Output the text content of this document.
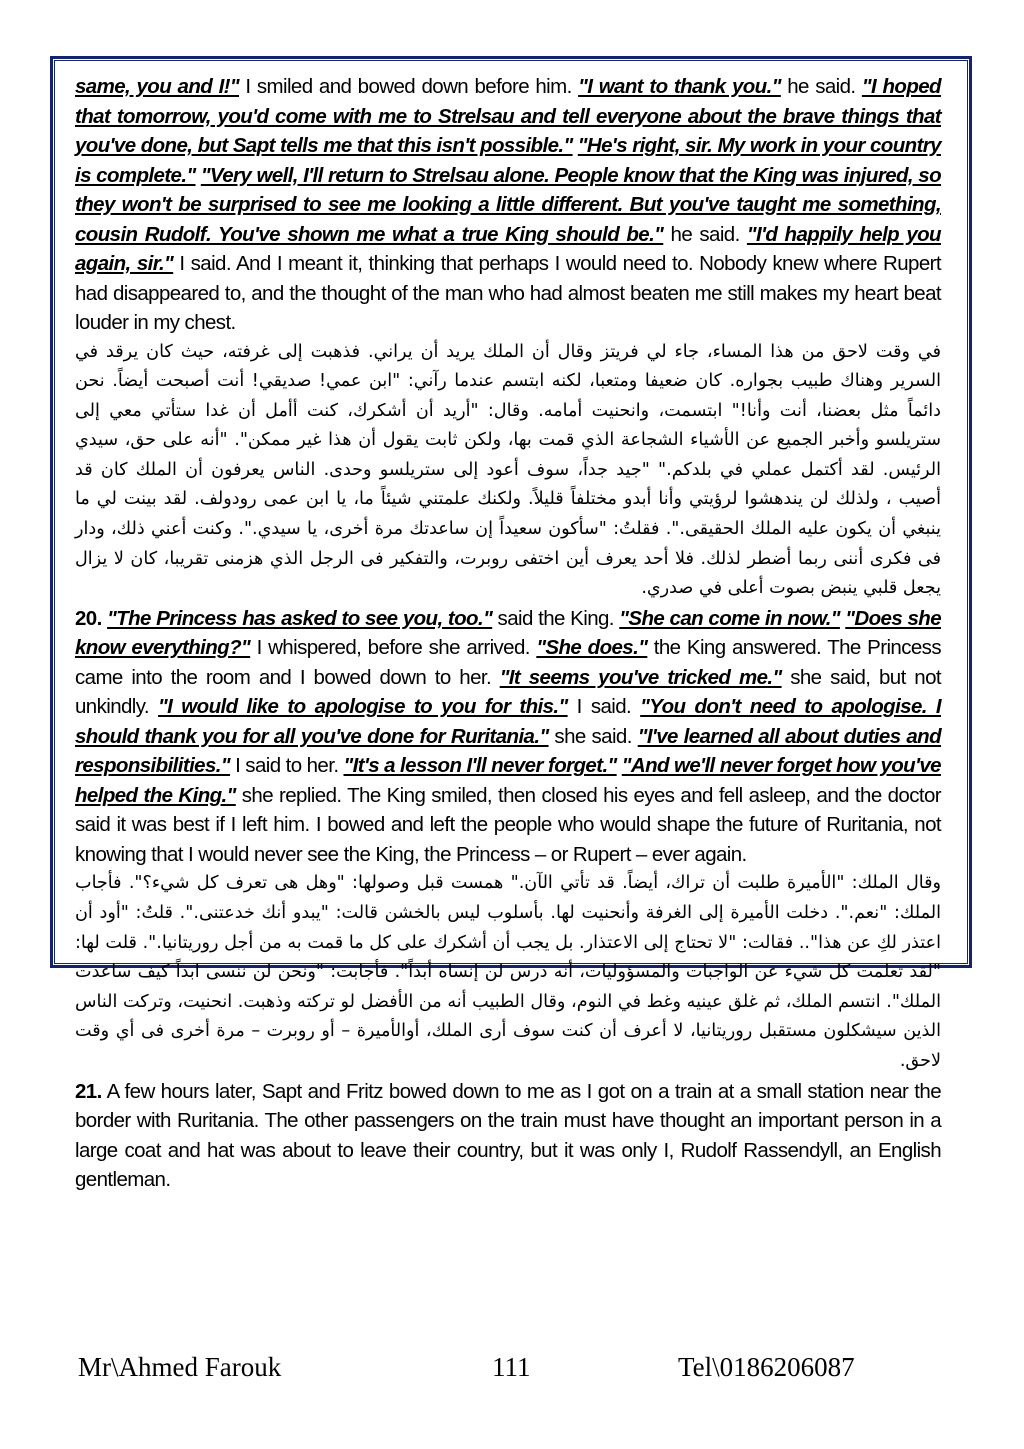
same, you and I!" I smiled and bowed down before him. "I want to thank you." he said. "I hoped that tomorrow, you'd come with me to Strelsau and tell everyone about the brave things that you've done, but Sapt tells me that this isn't possible." "He's right, sir. My work in your country is complete." "Very well, I'll return to Strelsau alone. People know that the King was injured, so they won't be surprised to see me looking a little different. But you've taught me something, cousin Rudolf. You've shown me what a true King should be." he said. "I'd happily help you again, sir." I said. And I meant it, thinking that perhaps I would need to. Nobody knew where Rupert had disappeared to, and the thought of the man who had almost beaten me still makes my heart beat louder in my chest.

في وقت لاحق من هذا المساء، جاء لي فريتز وقال أن الملك يريد أن يراني. فذهبت إلى غرفته، حيث كان يرقد في السرير وهناك طبيب بجواره. كان ضعيفا ومتعبا، لكنه ابتسم عندما رآني: "ابن عمي! صديقي! أنت أصبحت أيضاً. نحن دائماً مثل بعضنا، أنت وأنا!" ابتسمت، وانحنيت أمامه. وقال: "أريد أن أشكرك، كنت أأمل أن غدا ستأتي معي إلى ستريلسو وأخبر الجميع عن الأشياء الشجاعة الذي قمت بها، ولكن ثابت يقول أن هذا غير ممكن". "أنه على حق، سيدي الرئيس. لقد أكتمل عملي في بلدكم." "جيد جداً، سوف أعود إلى ستريلسو وحدى. الناس يعرفون أن الملك كان قد أصيب ، ولذلك لن يندهشوا لرؤيتي وأنا أبدو مختلفاً قليلاً. ولكنك علمتني شيئاً ما، يا ابن عمى رودولف. لقد بينت لي ما ينبغي أن يكون عليه الملك الحقيقى.". فقلتُ: "سأكون سعيداً إن ساعدتك مرة أخرى، يا سيدي.". وكنت أعني ذلك، ودار فى فكرى أننى ربما أضطر لذلك. فلا أحد يعرف أين اختفى روبرت، والتفكير فى الرجل الذي هزمنى تقريبا، كان لا يزال يجعل قلبي ينبض بصوت أعلى في صدري.

20. "The Princess has asked to see you, too." said the King. "She can come in now." "Does she know everything?" I whispered, before she arrived. "She does." the King answered. The Princess came into the room and I bowed down to her. "It seems you've tricked me." she said, but not unkindly. "I would like to apologise to you for this." I said. "You don't need to apologise. I should thank you for all you've done for Ruritania." she said. "I've learned all about duties and responsibilities." I said to her. "It's a lesson I'll never forget." "And we'll never forget how you've helped the King." she replied. The King smiled, then closed his eyes and fell asleep, and the doctor said it was best if I left him. I bowed and left the people who would shape the future of Ruritania, not knowing that I would never see the King, the Princess – or Rupert – ever again.

وقال الملك: "الأميرة طلبت أن تراك، أيضاً. قد تأتي الآن." همست قبل وصولها: "وهل هى تعرف كل شيء؟". فأجاب الملك: "نعم.". دخلت الأميرة إلى الغرفة وأنحنيت لها. بأسلوب ليس بالخشن قالت: "يبدو أنك خدعتنى.". قلتُ: "أود أن اعتذر لكِ عن هذا".. فقالت: "لا تحتاج إلى الاعتذار. بل يجب أن أشكرك على كل ما قمت به من أجل روريتانيا.". قلت لها: "لقد تعلمت كل شيء عن الواجبات والمسؤوليات، أنه درس لن إنساه أبداً". فأجابت: "ونحن لن ننسى ابداً كيف ساعدت الملك". انتسم الملك، ثم غلق عينيه وغط في النوم، وقال الطبيب أنه من الأفضل لو تركته وذهبت. انحنيت، وتركت الناس الذين سيشكلون مستقبل روريتانيا، لا أعرف أن كنت سوف أرى الملك، أوالأميرة – أو روبرت – مرة أخرى فى أي وقت لاحق.

21. A few hours later, Sapt and Fritz bowed down to me as I got on a train at a small station near the border with Ruritania. The other passengers on the train must have thought an important person in a large coat and hat was about to leave their country, but it was only I, Rudolf Rassendyll, an English gentleman.

Mr\Ahmed Farouk	111	Tel\0186206087
